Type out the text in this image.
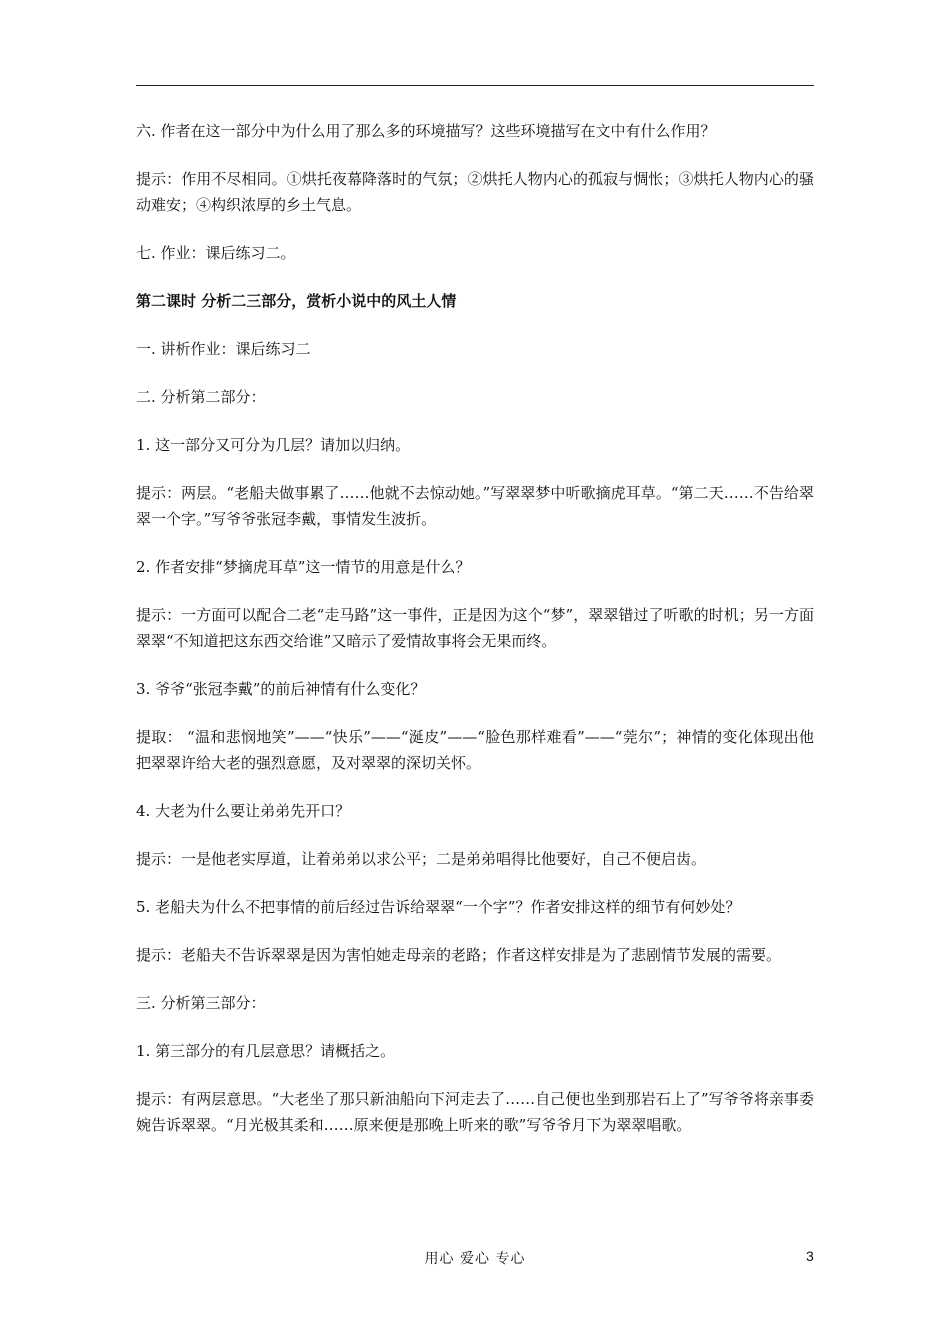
六. 作者在这一部分中为什么用了那么多的环境描写？这些环境描写在文中有什么作用？

提示：作用不尽相同。①烘托夜幕降落时的气氛；②烘托人物内心的孤寂与惆怅；③烘托人物内心的骚动难安；④构织浓厚的乡土气息。

七. 作业：课后练习二。

第二课时 分析二三部分，赏析小说中的风土人情

一. 讲析作业：课后练习二

二. 分析第二部分：

1. 这一部分又可分为几层？请加以归纳。

提示：两层。“老船夫做事累了……他就不去惊动她。”写翠翠梦中听歌摘虎耳草。“第二天……不告给翠翠一个字。”写爷爷张冠李戴，事情发生波折。

2. 作者安排“梦摘虎耳草”这一情节的用意是什么？

提示：一方面可以配合二老“走马路”这一事件，正是因为这个“梦”，翠翠错过了听歌的时机；另一方面翠翠“不知道把这东西交给谁”又暗示了爱情故事将会无果而终。

3. 爷爷“张冠李戴”的前后神情有什么变化？

提取： “温和悲悯地笑”——“快乐”——“涎皮”——“脸色那样难看”——“莞尔”；神情的变化体现出他把翠翠许给大老的强烈意愿，及对翠翠的深切关怀。

4. 大老为什么要让弟弟先开口？

提示：一是他老实厚道，让着弟弟以求公平；二是弟弟唱得比他要好，自己不便启齿。

5. 老船夫为什么不把事情的前后经过告诉给翠翠“一个字”？作者安排这样的细节有何妙处？

提示：老船夫不告诉翠翠是因为害怕她走母亲的老路；作者这样安排是为了悲剧情节发展的需要。

三. 分析第三部分：

1. 第三部分的有几层意思？请概括之。

提示：有两层意思。“大老坐了那只新油船向下河走去了……自己便也坐到那岩石上了”写爷爷将亲事委婉告诉翠翠。“月光极其柔和……原来便是那晚上听来的歌”写爷爷月下为翠翠唱歌。

用心 爱心 专心	3
